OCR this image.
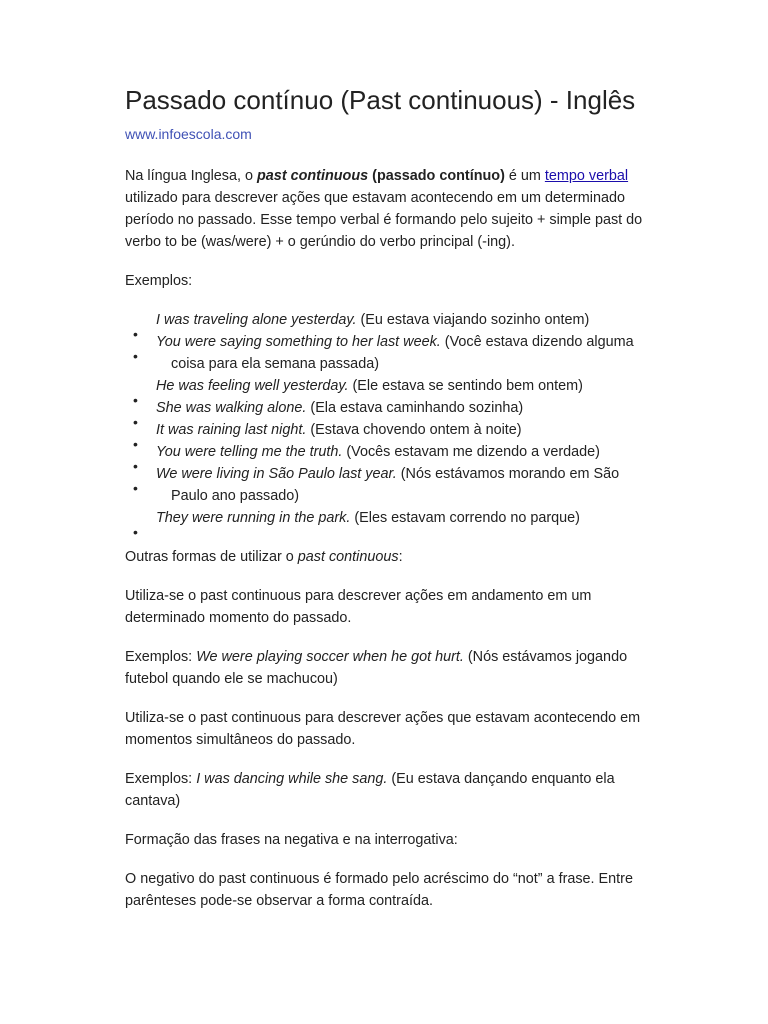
Passado contínuo (Past continuous) - Inglês
www.infoescola.com

Na língua Inglesa, o past continuous (passado contínuo) é um tempo verbal utilizado para descrever ações que estavam acontecendo em um determinado período no passado. Esse tempo verbal é formando pelo sujeito + simple past do verbo to be (was/were) + o gerúndio do verbo principal (-ing).

Exemplos:

I was traveling alone yesterday. (Eu estava viajando sozinho ontem)
You were saying something to her last week. (Você estava dizendo alguma coisa para ela semana passada)
He was feeling well yesterday. (Ele estava se sentindo bem ontem)
She was walking alone. (Ela estava caminhando sozinha)
It was raining last night. (Estava chovendo ontem à noite)
You were telling me the truth. (Vocês estavam me dizendo a verdade)
We were living in São Paulo last year. (Nós estávamos morando em São Paulo ano passado)
They were running in the park. (Eles estavam correndo no parque)

Outras formas de utilizar o past continuous:

Utiliza-se o past continuous para descrever ações em andamento em um determinado momento do passado.

Exemplos: We were playing soccer when he got hurt. (Nós estávamos jogando futebol quando ele se machucou)

Utiliza-se o past continuous para descrever ações que estavam acontecendo em momentos simultâneos do passado.

Exemplos: I was dancing while she sang. (Eu estava dançando enquanto ela cantava)

Formação das frases na negativa e na interrogativa:

O negativo do past continuous é formado pelo acréscimo do “not” a frase. Entre parênteses pode-se observar a forma contraída.
